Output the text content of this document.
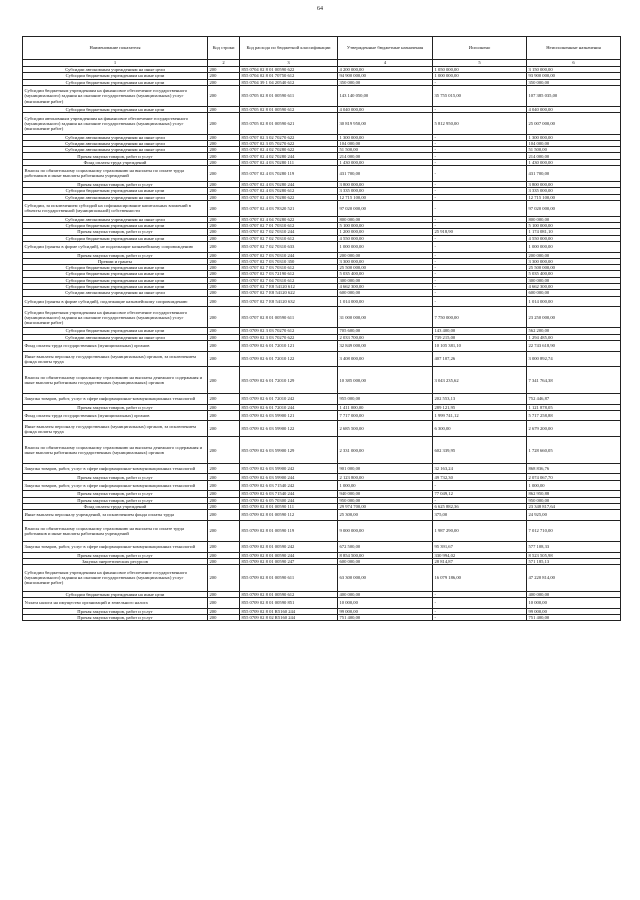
64
Наименование показателя	Код строки	Код расхода по бюджетной классификации	Утвержденные бюджетные назначения	Исполнено	Неисполненные назначения
1	2	3	4	5	6
Субсидии автономным учреждениям на иные цели	200	855 0704 02 8 01 00590 622	4 200 000,00	1 050 000,00	3 150 000,00
Субсидии бюджетным учреждениям на иные цели	200	855 0704 02 8 01 70750 612	94 900 000,00	1 000 000,00	93 900 000,00
Субсидии бюджетным учреждениям на иные цели	200	855 0704 39 1 04 20540 612	350 000,00	-	350 000,00
Субсидии бюджетным учреждениям на финансовое обеспечение государственного (муниципального) задания на оказание государственных (муниципальных) услуг (выполнение работ)	200	855 0705 02 8 01 00590 611	143 140 050,00	35 755 015,00	107 385 035,00
Субсидии бюджетным учреждениям на иные цели	200	855 0705 02 8 01 00590 612	4 040 000,00	-	4 040 000,00
Субсидии автономным учреждениям на финансовое обеспечение государственного (муниципального) задания на оказание государственных (муниципальных) услуг (выполнение работ)	200	855 0705 02 8 01 00590 621	30 819 950,00	5 812 950,00	25 007 000,00
Субсидии автономным учреждениям на иные цели	200	855 0707 02 3 02 70270 622	1 300 000,00	-	1 300 000,00
Субсидии автономным учреждениям на иные цели	200	855 0707 02 3 05 70270 622	104 000,00	-	104 000,00
Субсидии автономным учреждениям на иные цели	200	855 0707 02 4 02 70280 622	51 500,00	-	51 500,00
Прочая закупка товаров, работ и услуг	200	855 0707 02 4 02 70280 244	214 000,00	-	214 000,00
Фонд оплаты труда учреждений	200	855 0707 02 4 03 70280 111	1 430 000,00	-	1 430 000,00
Взносы по обязательному социальному страхованию на выплаты по оплате труда работников и иные выплаты работникам учреждений	200	855 0707 02 4 03 70280 119	431 700,00	-	431 700,00
Прочая закупка товаров, работ и услуг	200	855 0707 02 4 03 70280 244	3 800 000,00	-	3 800 000,00
Субсидии бюджетным учреждениям на иные цели	200	855 0707 02 4 03 70280 612	3 335 000,00	-	3 335 000,00
Субсидии автономным учреждениям на иные цели	200	855 0707 02 4 03 70280 622	12 715 100,00	-	12 715 100,00
Субсидии, за исключением субсидий на софинансирование капитальных вложений в объекты государственной (муниципальной) собственности	200	855 0707 02 4 03 78320 521	97 020 000,00	-	97 020 000,00
Субсидии автономным учреждениям на иные цели	200	855 0707 02 4 04 70280 622	800 000,00	-	800 000,00
Субсидии бюджетным учреждениям на иные цели	200	855 0707 02 7 01 70310 612	5 100 000,00	-	5 100 000,00
Прочая закупка товаров, работ и услуг	200	855 0707 02 7 02 70310 244	1 200 000,00	25 918,90	1 174 081,10
Субсидии бюджетным учреждениям на иные цели	200	855 0707 02 7 02 70310 612	4 550 000,00	-	4 550 000,00
Субсидии (гранты в форме субсидий), не подлежащие казначейскому сопровождению	200	855 0707 02 7 02 70310 633	1 000 000,00	-	1 000 000,00
Прочая закупка товаров, работ и услуг	200	855 0707 02 7 03 70310 244	200 000,00	-	200 000,00
Премии и гранты	200	855 0707 02 7 03 70310 350	3 300 000,00	-	3 300 000,00
Субсидии бюджетным учреждениям на иные цели	200	855 0707 02 7 03 70310 612	25 500 000,00	-	25 500 000,00
Субсидии бюджетным учреждениям на иные цели	200	855 0707 02 7 03 72190 612	5 035 400,00	-	5 035 400,00
Субсидии бюджетным учреждениям на иные цели	200	855 0707 02 7 04 70310 612	300 000,00	-	300 000,00
Субсидии бюджетным учреждениям на иные цели	200	855 0707 02 7 E8 54120 612	4 662 300,00	-	4 662 300,00
Субсидии автономным учреждениям на иные цели	200	855 0707 02 7 E8 54120 622	600 000,00	-	600 000,00
Субсидии (гранты в форме субсидий), подлежащие казначейскому сопровождению	200	855 0707 02 7 E8 54120 632	1 014 000,00	-	1 014 000,00
Субсидии бюджетным учреждениям на финансовое обеспечение государственного (муниципального) задания на оказание государственных (муниципальных) услуг (выполнение работ)	200	855 0707 02 8 01 00590 611	31 000 000,00	7 750 000,00	23 250 000,00
Субсидии бюджетным учреждениям на иные цели	200	855 0709 02 3 03 70270 612	705 600,00	143 400,00	562 200,00
Субсидии автономным учреждениям на иные цели	200	855 0709 02 3 03 70270 622	2 033 700,00	739 215,00	1 294 485,00
Фонд оплаты труда государственных (муниципальных) органов	200	855 0709 02 6 01 72010 121	32 849 000,00	10 105 381,10	22 743 618,90
Иные выплаты персоналу государственных (муниципальных) органов, за исключением фонда оплаты труда	200	855 0709 02 6 01 72010 122	3 408 000,00	407 107,26	3 000 892,74
Взносы по обязательному социальному страхованию на выплаты денежного содержания и иные выплаты работникам государственных (муниципальных) органов	200	855 0709 02 6 01 72010 129	10 385 000,00	3 043 235,62	7 341 764,38
Закупка товаров, работ, услуг в сфере информационно-коммуникационных технологий	200	855 0709 02 6 01 72010 242	955 000,00	202 553,13	752 446,87
Прочая закупка товаров, работ и услуг	200	855 0709 02 6 01 72010 244	1 411 000,00	289 121,95	1 121 878,05
Фонд оплаты труда государственных (муниципальных) органов	200	855 0709 02 6 03 59900 121	7 717 000,00	1 999 741,12	5 717 258,88
Иные выплаты персоналу государственных (муниципальных) органов, за исключением фонда оплаты труда	200	855 0709 02 6 03 59900 122	2 685 500,00	6 300,00	2 679 200,00
Взносы по обязательному социальному страхованию на выплаты денежного содержания и иные выплаты работникам государственных (муниципальных) органов	200	855 0709 02 6 03 59900 129	2 331 000,00	602 339,95	1 728 660,05
Закупка товаров, работ, услуг в сфере информационно-коммуникационных технологий	200	855 0709 02 6 03 59900 242	901 000,00	32 163,24	868 836,76
Прочая закупка товаров, работ и услуг	200	855 0709 02 6 03 59900 244	2 123 800,00	49 732,30	2 074 067,70
Закупка товаров, работ, услуг в сфере информационно-коммуникационных технологий	200	855 0709 02 6 03 71540 242	1 000,00	-	1 000,00
Прочая закупка товаров, работ и услуг	200	855 0709 02 6 03 71540 244	940 000,00	77 049,12	862 950,88
Прочая закупка товаров, работ и услуг	200	855 0709 02 6 05 70300 244	950 000,00	-	950 000,00
Фонд оплаты труда учреждений	200	855 0709 02 8 01 00590 111	29 974 700,00	6 625 882,36	23 348 817,64
Иные выплаты персоналу учреждений, за исключением фонда оплаты труда	200	855 0709 02 8 01 00590 112	25 300,00	375,00	24 925,00
Взносы по обязательному социальному страхованию на выплаты по оплате труда работников и иные выплаты работникам учреждений	200	855 0709 02 8 01 00590 119	9 000 000,00	1 987 290,00	7 012 710,00
Закупка товаров, работ, услуг в сфере информационно-коммуникационных технологий	200	855 0709 02 8 01 00590 242	672 500,00	95 391,67	577 108,33
Прочая закупка товаров, работ и услуг	200	855 0709 02 8 01 00590 244	8 854 500,00	330 994,02	8 523 505,98
Закупка энергетических ресурсов	200	855 0709 02 8 01 00590 247	600 000,00	28 814,87	571 185,13
Субсидии бюджетным учреждениям на финансовое обеспечение государственного (муниципального) задания на оказание государственных (муниципальных) услуг (выполнение работ)	200	855 0709 02 8 01 00590 611	63 300 000,00	16 079 186,00	47 220 814,00
Субсидии бюджетным учреждениям на иные цели	200	855 0709 02 8 01 00590 612	400 000,00	-	400 000,00
Уплата налога на имущество организаций и земельного налога	200	855 0709 02 8 01 00590 851	10 000,00	-	10 000,00
Прочая закупка товаров, работ и услуг	200	855 0709 02 8 01 R5160 244	99 000,00	-	99 000,00
Прочая закупка товаров, работ и услуг	200	855 0709 02 8 02 R5160 244	751 400,00	-	751 400,00
